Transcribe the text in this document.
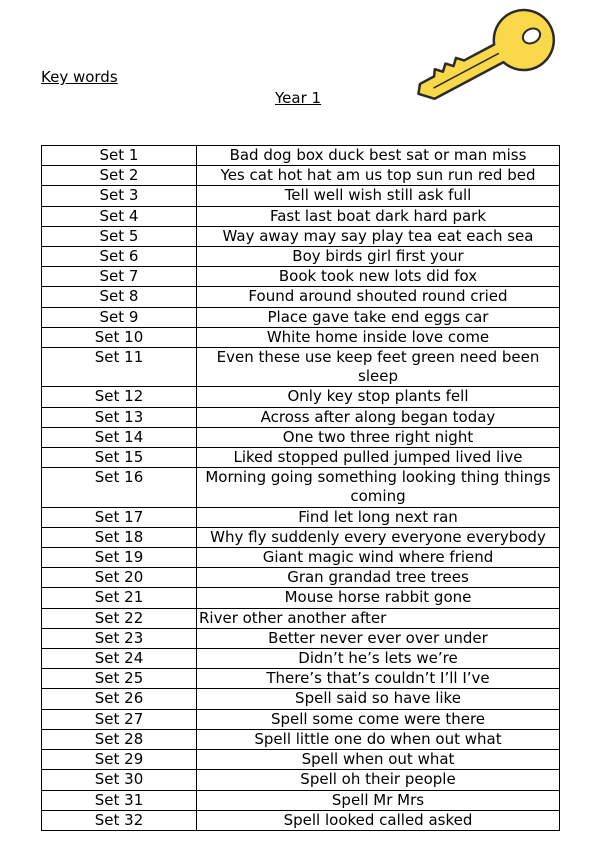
Key words
Year 1
Set 1	Bad dog box duck best sat or man miss
Set 2	Yes cat hot hat am us top sun run red bed
Set 3	Tell well wish still ask full
Set 4	Fast last boat dark hard park
Set 5	Way away may say play tea eat each sea
Set 6	Boy birds girl first your
Set 7	Book took new lots did fox
Set 8	Found around shouted round cried
Set 9	Place gave take end eggs car
Set 10	White home inside love come
Set 11	Even these use keep feet green need been sleep
Set 12	Only key stop plants fell
Set 13	Across after along began today
Set 14	One two three right night
Set 15	Liked stopped pulled jumped lived live
Set 16	Morning going something looking thing things coming
Set 17	Find let long next ran
Set 18	Why fly suddenly every everyone everybody
Set 19	Giant magic wind where friend
Set 20	Gran grandad tree trees
Set 21	Mouse horse rabbit gone
Set 22	River other another after
Set 23	Better never ever over under
Set 24	Didn’t he’s lets we’re
Set 25	There’s that’s couldn’t I’ll I’ve
Set 26	Spell said so have like
Set 27	Spell some come were there
Set 28	Spell little one do when out what
Set 29	Spell when out what
Set 30	Spell oh their people
Set 31	Spell Mr Mrs
Set 32	Spell looked called asked
